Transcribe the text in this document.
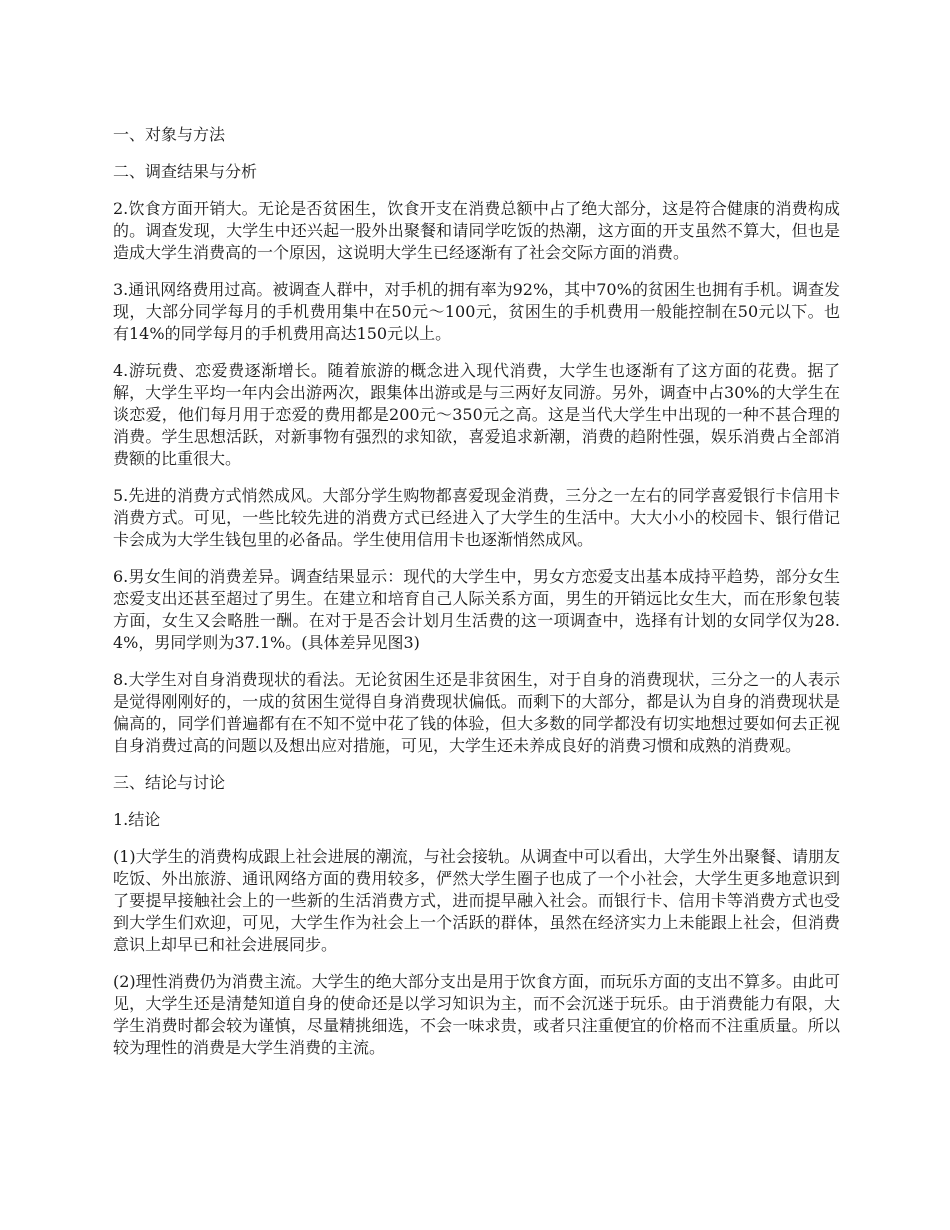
一、对象与方法

二、调查结果与分析

2.饮食方面开销大。无论是否贫困生，饮食开支在消费总额中占了绝大部分，这是符合健康的消费构成的。调查发现，大学生中还兴起一股外出聚餐和请同学吃饭的热潮，这方面的开支虽然不算大，但也是造成大学生消费高的一个原因，这说明大学生已经逐渐有了社会交际方面的消费。

3.通讯网络费用过高。被调查人群中，对手机的拥有率为92%，其中70%的贫困生也拥有手机。调查发现，大部分同学每月的手机费用集中在50元～100元，贫困生的手机费用一般能控制在50元以下。也有14%的同学每月的手机费用高达150元以上。

4.游玩费、恋爱费逐渐增长。随着旅游的概念进入现代消费，大学生也逐渐有了这方面的花费。据了解，大学生平均一年内会出游两次，跟集体出游或是与三两好友同游。另外，调查中占30%的大学生在谈恋爱，他们每月用于恋爱的费用都是200元～350元之高。这是当代大学生中出现的一种不甚合理的消费。学生思想活跃，对新事物有强烈的求知欲，喜爱追求新潮，消费的趋附性强，娱乐消费占全部消费额的比重很大。

5.先进的消费方式悄然成风。大部分学生购物都喜爱现金消费，三分之一左右的同学喜爱银行卡信用卡消费方式。可见，一些比较先进的消费方式已经进入了大学生的生活中。大大小小的校园卡、银行借记卡会成为大学生钱包里的必备品。学生使用信用卡也逐渐悄然成风。

6.男女生间的消费差异。调查结果显示：现代的大学生中，男女方恋爱支出基本成持平趋势，部分女生恋爱支出还甚至超过了男生。在建立和培育自己人际关系方面，男生的开销远比女生大，而在形象包装方面，女生又会略胜一酬。在对于是否会计划月生活费的这一项调查中，选择有计划的女同学仅为28.4%，男同学则为37.1%。(具体差异见图3)

8.大学生对自身消费现状的看法。无论贫困生还是非贫困生，对于自身的消费现状，三分之一的人表示是觉得刚刚好的，一成的贫困生觉得自身消费现状偏低。而剩下的大部分，都是认为自身的消费现状是偏高的，同学们普遍都有在不知不觉中花了钱的体验，但大多数的同学都没有切实地想过要如何去正视自身消费过高的问题以及想出应对措施，可见，大学生还未养成良好的消费习惯和成熟的消费观。

三、结论与讨论

1.结论

(1)大学生的消费构成跟上社会进展的潮流，与社会接轨。从调查中可以看出，大学生外出聚餐、请朋友吃饭、外出旅游、通讯网络方面的费用较多，俨然大学生圈子也成了一个小社会，大学生更多地意识到了要提早接触社会上的一些新的生活消费方式，进而提早融入社会。而银行卡、信用卡等消费方式也受到大学生们欢迎，可见，大学生作为社会上一个活跃的群体，虽然在经济实力上未能跟上社会，但消费意识上却早已和社会进展同步。

(2)理性消费仍为消费主流。大学生的绝大部分支出是用于饮食方面，而玩乐方面的支出不算多。由此可见，大学生还是清楚知道自身的使命还是以学习知识为主，而不会沉迷于玩乐。由于消费能力有限，大学生消费时都会较为谨慎，尽量精挑细选，不会一味求贵，或者只注重便宜的价格而不注重质量。所以较为理性的消费是大学生消费的主流。
